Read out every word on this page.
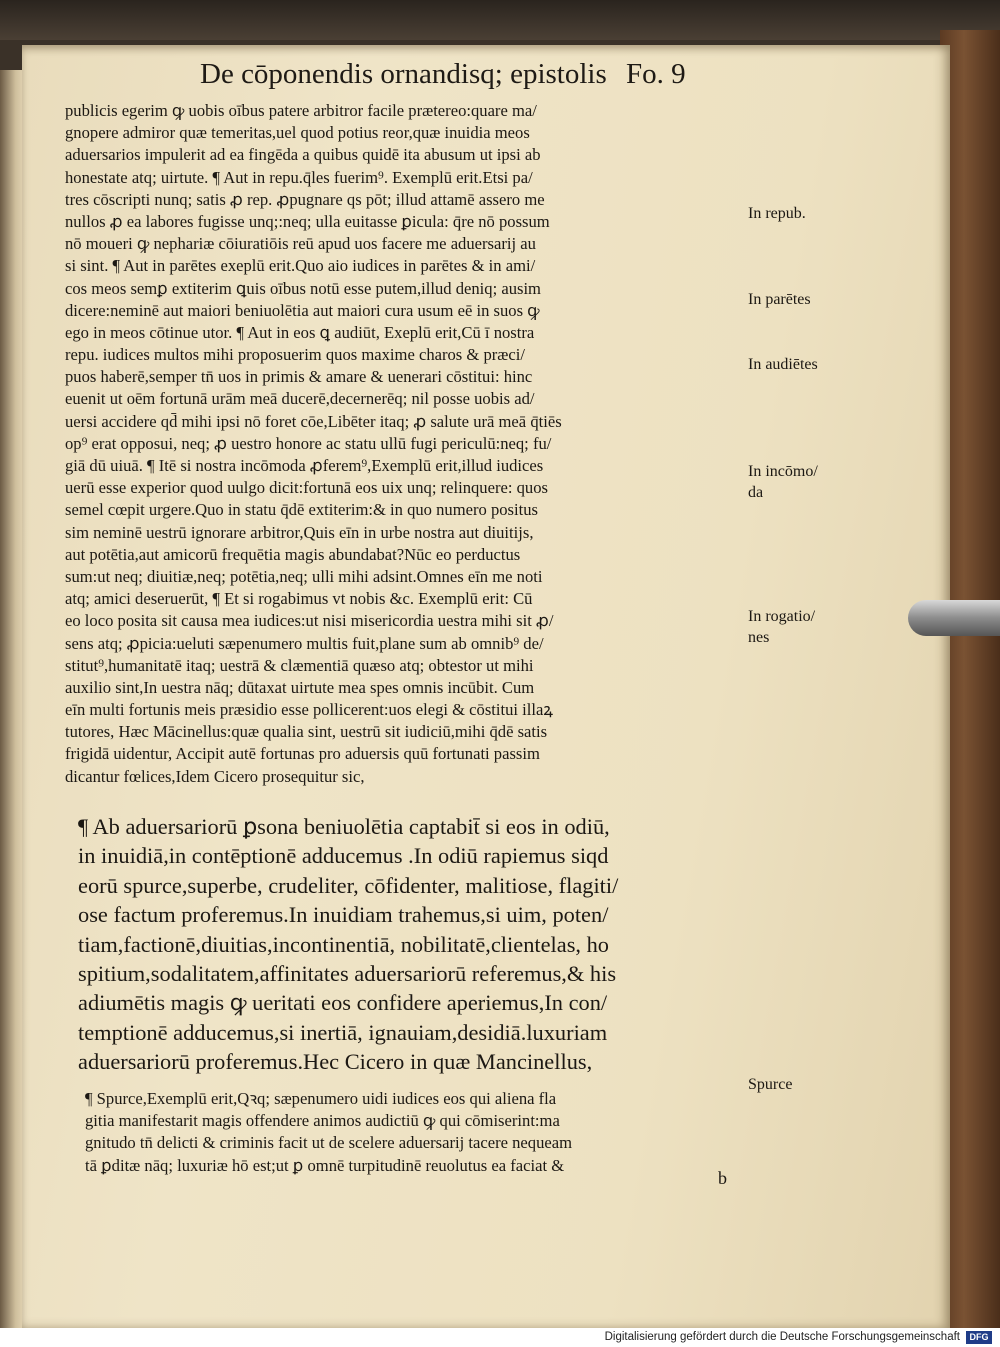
De cōponendis ornandisq; epistolis Fo. 9
publicis egerim ꝙ uobis oībus patere arbitror facile prætereo:quare ma/
gnopere admiror quæ temeritas,uel quod potius reor,quæ inuidia meos
aduersarios impulerit ad ea fingēda a quibus quidē ita abusum ut ipsi ab
honestate atq; uirtute. ¶ Aut in repu.q̄les fuerim⁹. Exemplū erit.Etsi pa/
tres cōscripti nunq; satis ꝓ rep. ꝓpugnare qs pōt; illud attamē assero me
nullos ꝓ ea labores fugisse unq;:neq; ulla euitasse ꝑicula: q̄re nō possum
nō moueri ꝙ nephariæ cōiuratiōis reū apud uos facere me aduersarij au
si sint. ¶ Aut in parētes exeplū erit.Quo aio iudices in parētes & in ami/
cos meos semꝑ extiterim ꝗuis oībus notū esse putem,illud deniq; ausim
dicere:neminē aut maiori beniuolētia aut maiori cura usum eē in suos ꝙ
ego in meos cōtinue utor. ¶ Aut in eos ꝗ audiūt, Exeplū erit,Cū ī nostra
repu. iudices multos mihi proposuerim quos maxime charos & præci/
puos haberē,semper tn̄ uos in primis & amare & uenerari cōstitui: hinc
euenit ut oēm fortunā urām meā ducerē,decernerēq; nil posse uobis ad/
uersi accidere qd̄ mihi ipsi nō foret cōe,Libēter itaq; ꝓ salute urā meā q̄tiēs
op⁹ erat opposui, neq; ꝓ uestro honore ac statu ullū fugi periculū:neq; fu/
giā dū uiuā. ¶ Itē si nostra incōmoda ꝓferem⁹,Exemplū erit,illud iudices
uerū esse experior quod uulgo dicit:fortunā eos uix unq; relinquere: quos
semel cœpit urgere.Quo in statu q̄dē extiterim:& in quo numero positus
sim neminē uestrū ignorare arbitror,Quis eīn in urbe nostra aut diuitijs,
aut potētia,aut amicorū frequētia magis abundabat?Nūc eo perductus
sum:ut neq; diuitiæ,neq; potētia,neq; ulli mihi adsint.Omnes eīn me noti
atq; amici deseruerūt, ¶ Et si rogabimus vt nobis &c. Exemplū erit: Cū
eo loco posita sit causa mea iudices:ut nisi misericordia uestra mihi sit ꝓ/
sens atq; ꝓpicia:ueluti sæpenumero multis fuit,plane sum ab omnib⁹ de/
stitut⁹,humanitatē itaq; uestrā & clæmentiā quæso atq; obtestor ut mihi
auxilio sint,In uestra nāq; dūtaxat uirtute mea spes omnis incūbit. Cum
eīn multi fortunis meis præsidio esse pollicerent:uos elegi & cōstitui illaꝝ
tutores, Hæc Mācinellus:quæ qualia sint, uestrū sit iudiciū,mihi q̄dē satis
frigidā uidentur, Accipit autē fortunas pro aduersis quū fortunati passim
dicantur fœlices,Idem Cicero prosequitur sic,
¶ Ab aduersariorū ꝑsona beniuolētia captabit̄ si eos in odiū,
in inuidiā,in contēptionē adducemus .In odiū rapiemus siqd
eorū spurce,superbe, crudeliter, cōfidenter, malitiose, flagiti/
ose factum proferemus.In inuidiam trahemus,si uim, poten/
tiam,factionē,diuitias,incontinentiā, nobilitatē,clientelas, ho
spitium,sodalitatem,affinitates aduersariorū referemus,& his
adiumētis magis ꝙ ueritati eos confidere aperiemus,In con/
temptionē adducemus,si inertiā, ignauiam,desidiā.luxuriam
aduersariorū proferemus.Hec Cicero in quæ Mancinellus,
¶ Spurce,Exemplū erit,Qꝛq; sæpenumero uidi iudices eos qui aliena fla
gitia manifestarit magis offendere animos audictiū ꝙ qui cōmiserint:ma
gnitudo tn̄ delicti & criminis facit ut de scelere aduersarij tacere nequeam
tā ꝑditæ nāq; luxuriæ hō est;ut ꝑ omnē turpitudinē reuolutus ea faciat &
In repub.
In parētes
In audiētes
In incōmo/
da
In rogatio/
nes
Spurce
b
Digitalisierung gefördert durch die Deutsche Forschungsgemeinschaft	DFG
